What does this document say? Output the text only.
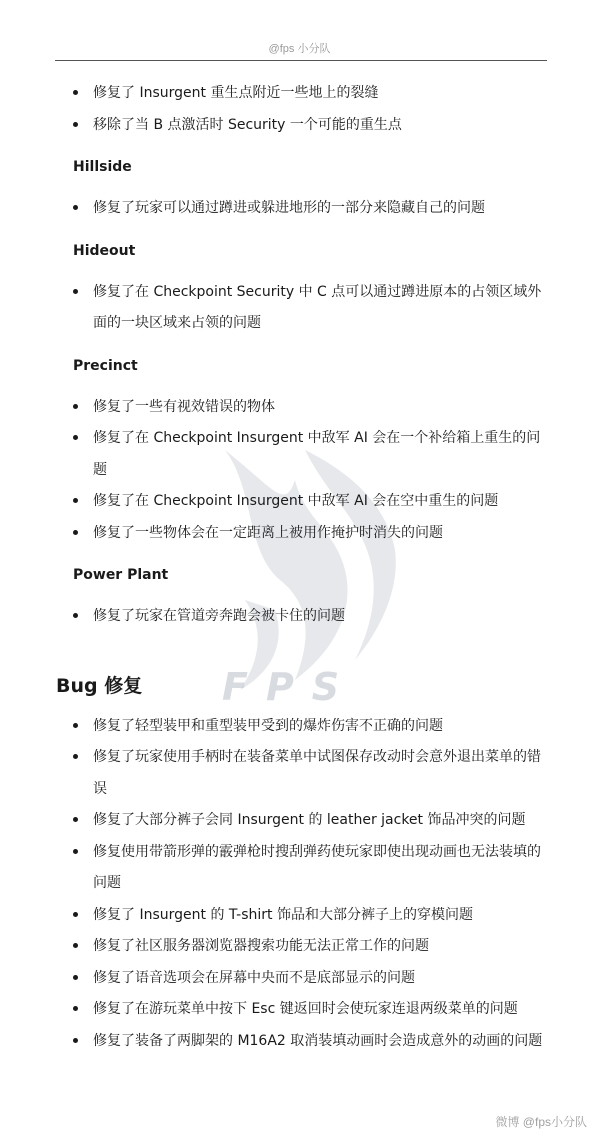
@fps 小分队
FPS
修复了 Insurgent 重生点附近一些地上的裂缝
移除了当 B 点激活时 Security 一个可能的重生点
Hillside
修复了玩家可以通过蹲进或躲进地形的一部分来隐藏自己的问题
Hideout
修复了在 Checkpoint Security 中 C 点可以通过蹲进原本的占领区域外面的一块区域来占领的问题
Precinct
修复了一些有视效错误的物体
修复了在 Checkpoint Insurgent 中敌军 AI 会在一个补给箱上重生的问题
修复了在 Checkpoint Insurgent 中敌军 AI 会在空中重生的问题
修复了一些物体会在一定距离上被用作掩护时消失的问题
Power Plant
修复了玩家在管道旁奔跑会被卡住的问题
Bug 修复
修复了轻型装甲和重型装甲受到的爆炸伤害不正确的问题
修复了玩家使用手柄时在装备菜单中试图保存改动时会意外退出菜单的错误
修复了大部分裤子会同 Insurgent 的 leather jacket 饰品冲突的问题
修复使用带箭形弹的霰弹枪时搜刮弹药使玩家即使出现动画也无法装填的问题
修复了 Insurgent 的 T-shirt 饰品和大部分裤子上的穿模问题
修复了社区服务器浏览器搜索功能无法正常工作的问题
修复了语音选项会在屏幕中央而不是底部显示的问题
修复了在游玩菜单中按下 Esc 键返回时会使玩家连退两级菜单的问题
修复了装备了两脚架的 M16A2 取消装填动画时会造成意外的动画的问题
微博 @fps小分队
